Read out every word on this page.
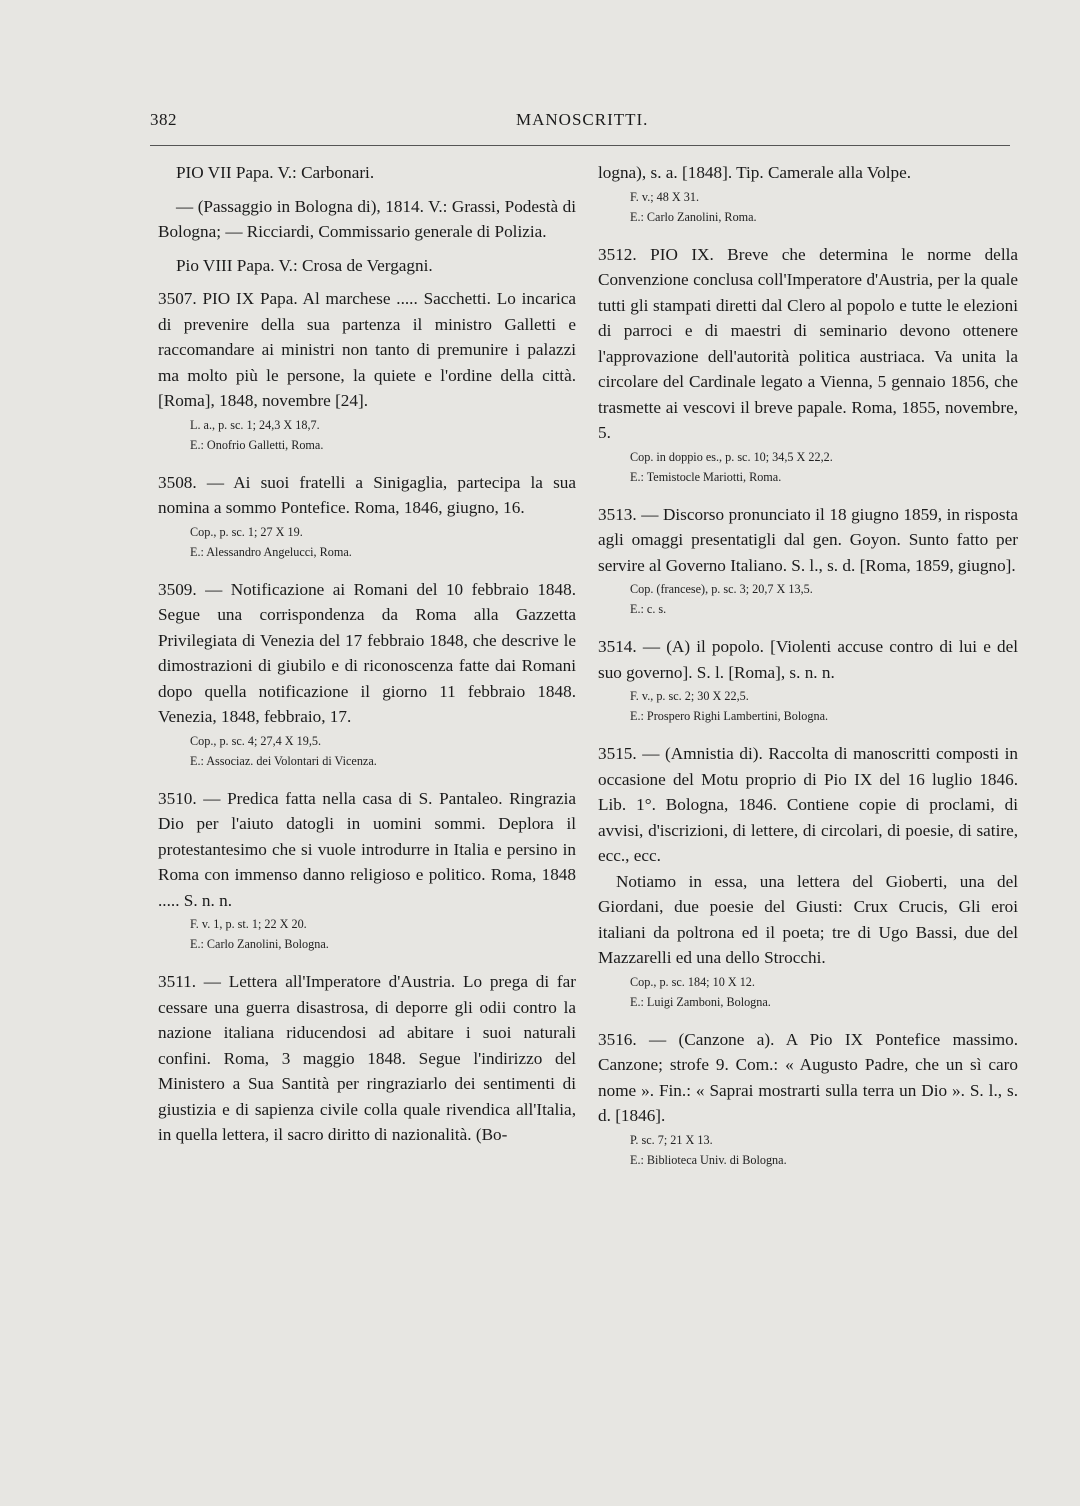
382	MANOSCRITTI.

PIO VII Papa. V.: Carbonari.

— (Passaggio in Bologna di), 1814. V.: Grassi, Podestà di Bologna; — Ricciardi, Commissario generale di Polizia.

Pio VIII Papa. V.: Crosa de Vergagni.

3507. PIO IX Papa. Al marchese ..... Sacchetti. Lo incarica di prevenire della sua partenza il ministro Galletti e raccomandare ai ministri non tanto di premunire i palazzi ma molto più le persone, la quiete e l'ordine della città. [Roma], 1848, novembre [24].

L. a., p. sc. 1; 24,3 X 18,7.
E.: Onofrio Galletti, Roma.

3508. — Ai suoi fratelli a Sinigaglia, partecipa la sua nomina a sommo Pontefice. Roma, 1846, giugno, 16.

Cop., p. sc. 1; 27 X 19.
E.: Alessandro Angelucci, Roma.

3509. — Notificazione ai Romani del 10 febbraio 1848. Segue una corrispondenza da Roma alla Gazzetta Privilegiata di Venezia del 17 febbraio 1848, che descrive le dimostrazioni di giubilo e di riconoscenza fatte dai Romani dopo quella notificazione il giorno 11 febbraio 1848. Venezia, 1848, febbraio, 17.

Cop., p. sc. 4; 27,4 X 19,5.
E.: Associaz. dei Volontari di Vicenza.

3510. — Predica fatta nella casa di S. Pantaleo. Ringrazia Dio per l'aiuto datogli in uomini sommi. Deplora il protestantesimo che si vuole introdurre in Italia e persino in Roma con immenso danno religioso e politico. Roma, 1848 ..... S. n. n.

F. v. 1, p. st. 1; 22 X 20.
E.: Carlo Zanolini, Bologna.

3511. — Lettera all'Imperatore d'Austria. Lo prega di far cessare una guerra disastrosa, di deporre gli odii contro la nazione italiana riducendosi ad abitare i suoi naturali confini. Roma, 3 maggio 1848. Segue l'indirizzo del Ministero a Sua Santità per ringraziarlo dei sentimenti di giustizia e di sapienza civile colla quale rivendica all'Italia, in quella lettera, il sacro diritto di nazionalità. (Bo-

logna), s. a. [1848]. Tip. Camerale alla Volpe.

F. v.; 48 X 31.
E.: Carlo Zanolini, Roma.

3512. PIO IX. Breve che determina le norme della Convenzione conclusa coll'Imperatore d'Austria, per la quale tutti gli stampati diretti dal Clero al popolo e tutte le elezioni di parroci e di maestri di seminario devono ottenere l'approvazione dell'autorità politica austriaca. Va unita la circolare del Cardinale legato a Vienna, 5 gennaio 1856, che trasmette ai vescovi il breve papale. Roma, 1855, novembre, 5.

Cop. in doppio es., p. sc. 10; 34,5 X 22,2.
E.: Temistocle Mariotti, Roma.

3513. — Discorso pronunciato il 18 giugno 1859, in risposta agli omaggi presentatigli dal gen. Goyon. Sunto fatto per servire al Governo Italiano. S. l., s. d. [Roma, 1859, giugno].

Cop. (francese), p. sc. 3; 20,7 X 13,5.
E.: c. s.

3514. — (A) il popolo. [Violenti accuse contro di lui e del suo governo]. S. l. [Roma], s. n. n.

F. v., p. sc. 2; 30 X 22,5.
E.: Prospero Righi Lambertini, Bologna.

3515. — (Amnistia di). Raccolta di manoscritti composti in occasione del Motu proprio di Pio IX del 16 luglio 1846. Lib. 1°. Bologna, 1846. Contiene copie di proclami, di avvisi, d'iscrizioni, di lettere, di circolari, di poesie, di satire, ecc., ecc.

Notiamo in essa, una lettera del Gioberti, una del Giordani, due poesie del Giusti: Crux Crucis, Gli eroi italiani da poltrona ed il poeta; tre di Ugo Bassi, due del Mazzarelli ed una dello Strocchi.

Cop., p. sc. 184; 10 X 12.
E.: Luigi Zamboni, Bologna.

3516. — (Canzone a). A Pio IX Pontefice massimo. Canzone; strofe 9. Com.: « Augusto Padre, che un sì caro nome ». Fin.: « Saprai mostrarti sulla terra un Dio ». S. l., s. d. [1846].

P. sc. 7; 21 X 13.
E.: Biblioteca Univ. di Bologna.
